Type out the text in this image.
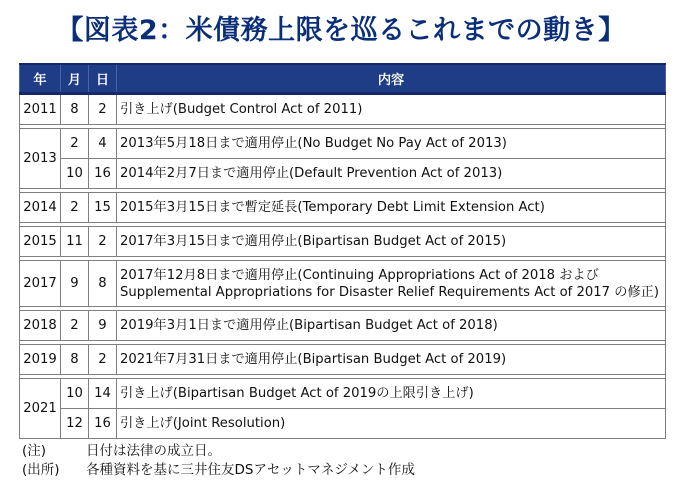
【図表2：米債務上限を巡るこれまでの動き】
年	月	日	内容
2011	8	2	引き上げ(Budget Control Act of 2011)

2013	2	4	2013年5月18日まで適用停止(No Budget No Pay Act of 2013)

	10	16	2014年2月7日まで適用停止(Default Prevention Act of 2013)

2014	2	15	2015年3月15日まで暫定延長(Temporary Debt Limit Extension Act)

2015	11	2	2017年3月15日まで適用停止(Bipartisan Budget Act of 2015)

2017	9	8	2017年12月8日まで適用停止(Continuing Appropriations Act of 2018 および
Supplemental Appropriations for Disaster Relief Requirements Act of 2017 の修正)

2018	2	9	2019年3月1日まで適用停止(Bipartisan Budget Act of 2018)

2019	8	2	2021年7月31日まで適用停止(Bipartisan Budget Act of 2019)

2021	10	14	引き上げ(Bipartisan Budget Act of 2019の上限引き上げ)

	12	16	引き上げ(Joint Resolution)
(注)	日付は法律の成立日。
(出所)	各種資料を基に三井住友DSアセットマネジメント作成
